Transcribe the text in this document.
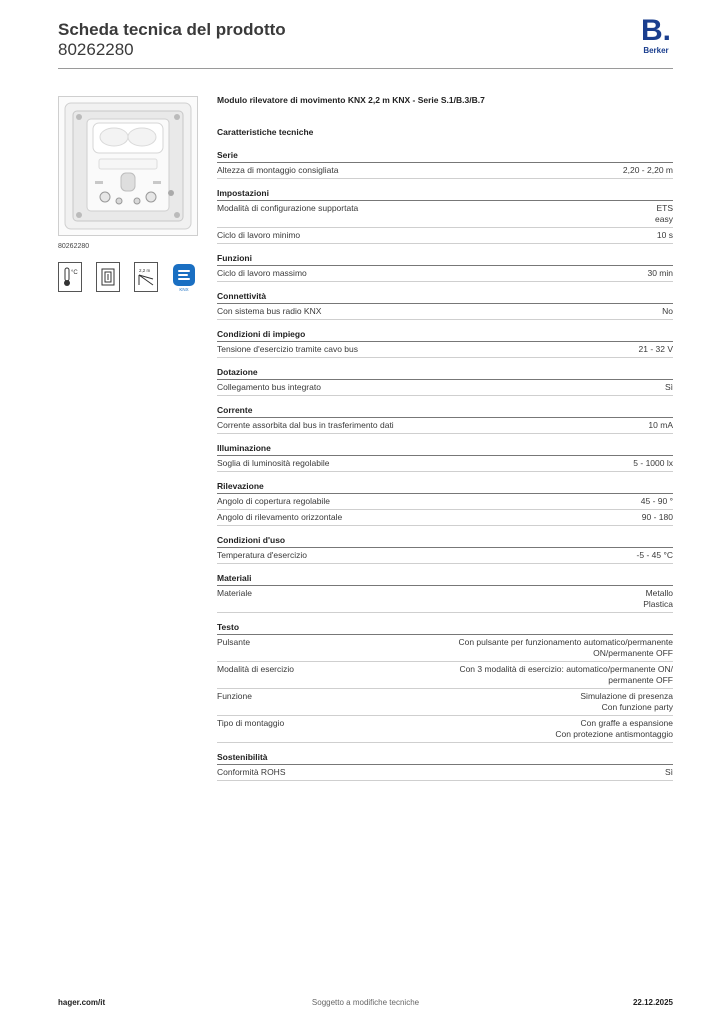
Scheda tecnica del prodotto
80262280
B.
Berker
80262280
°C	2,2 m
KNX
Modulo rilevatore di movimento KNX 2,2 m KNX - Serie S.1/B.3/B.7
Caratteristiche tecniche
Serie
Altezza di montaggio consigliata	2,20 - 2,20 m
Impostazioni
Modalità di configurazione supportata	ETS
easy
Ciclo di lavoro minimo	10 s
Funzioni
Ciclo di lavoro massimo	30 min
Connettività
Con sistema bus radio KNX	No
Condizioni di impiego
Tensione d'esercizio tramite cavo bus	21 - 32 V
Dotazione
Collegamento bus integrato	Sì
Corrente
Corrente assorbita dal bus in trasferimento dati	10 mA
Illuminazione
Soglia di luminosità regolabile	5 - 1000 lx
Rilevazione
Angolo di copertura regolabile	45 - 90 °
Angolo di rilevamento orizzontale	90 - 180
Condizioni d'uso
Temperatura d'esercizio	-5 - 45 °C
Materiali
Materiale	Metallo
Plastica
Testo
Pulsante	Con pulsante per funzionamento automatico/permanente
ON/permanente OFF
Modalità di esercizio	Con 3 modalità di esercizio: automatico/permanente ON/
permanente OFF
Funzione	Simulazione di presenza
Con funzione party
Tipo di montaggio	Con graffe a espansione
Con protezione antismontaggio
Sostenibilità
Conformità ROHS	Sì
hager.com/it	Soggetto a modifiche tecniche	22.12.2025
